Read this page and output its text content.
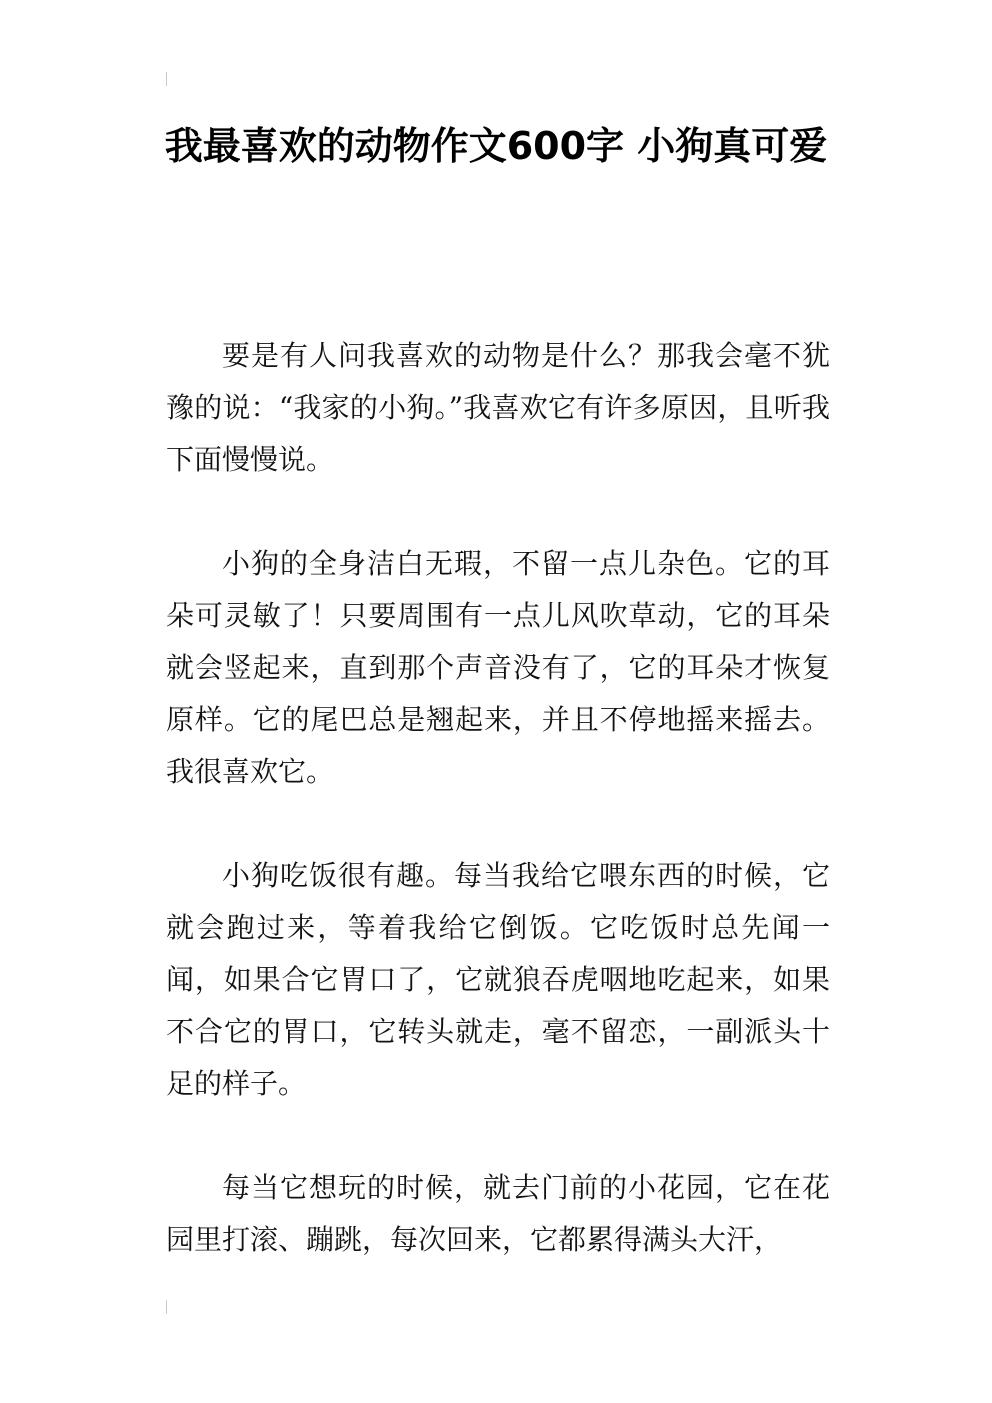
我最喜欢的动物作文600字 小狗真可爱

要是有人问我喜欢的动物是什么？那我会毫不犹豫的说：“我家的小狗。”我喜欢它有许多原因，且听我下面慢慢说。

小狗的全身洁白无瑕，不留一点儿杂色。它的耳朵可灵敏了！只要周围有一点儿风吹草动，它的耳朵就会竖起来，直到那个声音没有了，它的耳朵才恢复原样。它的尾巴总是翘起来，并且不停地摇来摇去。我很喜欢它。

小狗吃饭很有趣。每当我给它喂东西的时候，它就会跑过来，等着我给它倒饭。它吃饭时总先闻一闻，如果合它胃口了，它就狼吞虎咽地吃起来，如果不合它的胃口，它转头就走，毫不留恋，一副派头十足的样子。

每当它想玩的时候，就去门前的小花园，它在花园里打滚、蹦跳，每次回来，它都累得满头大汗，
